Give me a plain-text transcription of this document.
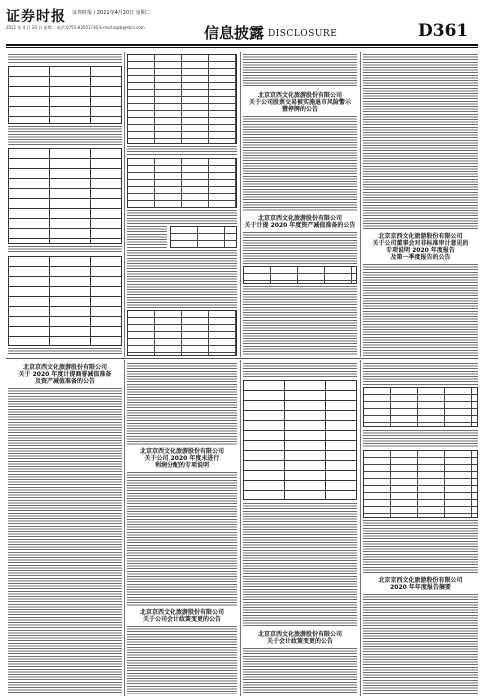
证券时报 证券时报 / 2021年4月20日 星期二
2021 年 4 月 20 日 星期二 电话:0755-83501730 E-mail:zqsb@stcn.com	信息披露 DISCLOSURE	D361
北京京西文化旅游股份有限公司
关于公司股票交易被实施退市风险警示
暨停牌的公告
北京京西文化旅游股份有限公司
关于计提 2020 年度资产减值准备的公告
北京京西文化旅游股份有限公司
关于公司董事会对非标准审计意见的
专项说明 2020 年度报告
及第一季度报告的公告
北京京西文化旅游股份有限公司
关于 2020 年度计提商誉减值准备
及资产减值准备的公告
北京京西文化旅游股份有限公司
关于公司 2020 年度未进行
利润分配的专项说明
北京京西文化旅游股份有限公司
关于公司会计政策变更的公告
北京京西文化旅游股份有限公司
关于会计政策变更的公告
北京京西文化旅游股份有限公司
2020 年年度报告摘要
